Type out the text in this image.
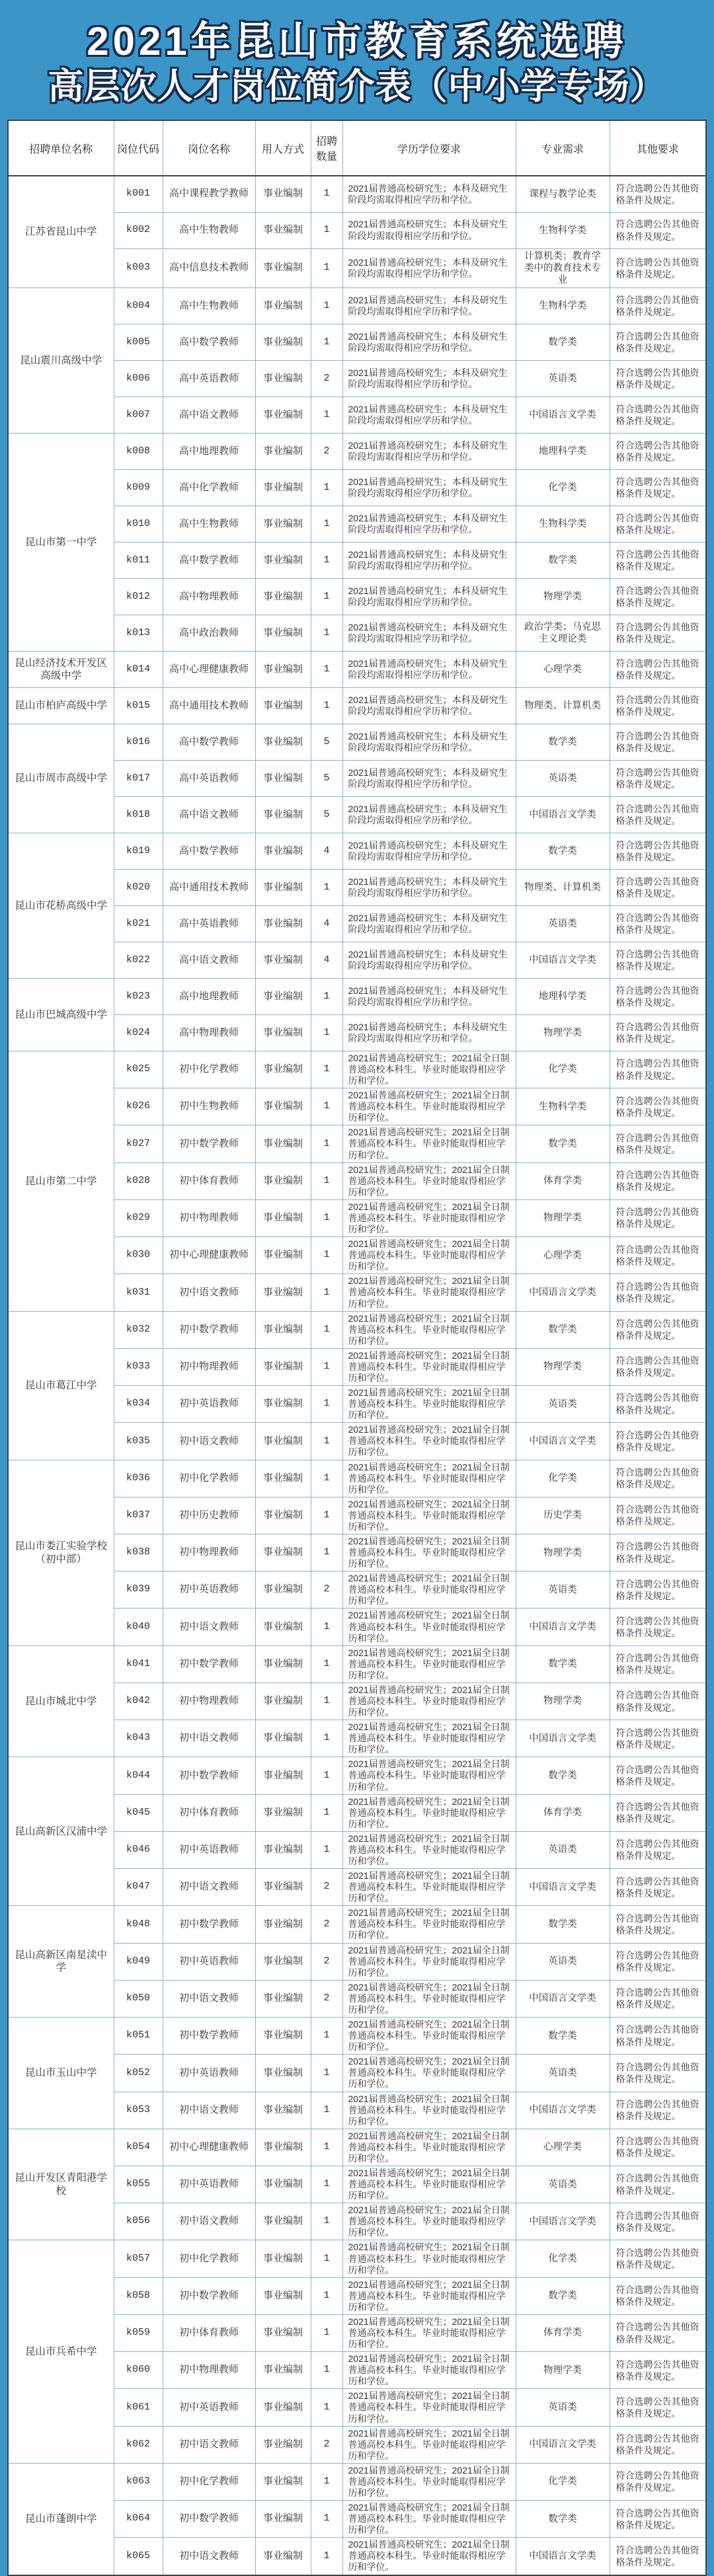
2021年昆山市教育系统选聘
高层次人才岗位简介表（中小学专场）
招聘单位名称	岗位代码	岗位名称	用人方式	招聘数量	学历学位要求	专业需求	其他要求
江苏省昆山中学	k001	高中课程教学教师	事业编制	1	2021届普通高校研究生；本科及研究生阶段均需取得相应学历和学位。	课程与教学论类	符合选聘公告其他资格条件及规定。
	k002	高中生物教师	事业编制	1	2021届普通高校研究生；本科及研究生阶段均需取得相应学历和学位。	生物科学类	符合选聘公告其他资格条件及规定。
	k003	高中信息技术教师	事业编制	1	2021届普通高校研究生；本科及研究生阶段均需取得相应学历和学位。	计算机类；教育学类中的教育技术专业	符合选聘公告其他资格条件及规定。
昆山震川高级中学	k004	高中生物教师	事业编制	1	2021届普通高校研究生；本科及研究生阶段均需取得相应学历和学位。	生物科学类	符合选聘公告其他资格条件及规定。
	k005	高中数学教师	事业编制	1	2021届普通高校研究生；本科及研究生阶段均需取得相应学历和学位。	数学类	符合选聘公告其他资格条件及规定。
	k006	高中英语教师	事业编制	2	2021届普通高校研究生；本科及研究生阶段均需取得相应学历和学位。	英语类	符合选聘公告其他资格条件及规定。
	k007	高中语文教师	事业编制	1	2021届普通高校研究生；本科及研究生阶段均需取得相应学历和学位。	中国语言文学类	符合选聘公告其他资格条件及规定。
昆山市第一中学	k008	高中地理教师	事业编制	2	2021届普通高校研究生；本科及研究生阶段均需取得相应学历和学位。	地理科学类	符合选聘公告其他资格条件及规定。
	k009	高中化学教师	事业编制	1	2021届普通高校研究生；本科及研究生阶段均需取得相应学历和学位。	化学类	符合选聘公告其他资格条件及规定。
	k010	高中生物教师	事业编制	1	2021届普通高校研究生；本科及研究生阶段均需取得相应学历和学位。	生物科学类	符合选聘公告其他资格条件及规定。
	k011	高中数学教师	事业编制	1	2021届普通高校研究生；本科及研究生阶段均需取得相应学历和学位。	数学类	符合选聘公告其他资格条件及规定。
	k012	高中物理教师	事业编制	1	2021届普通高校研究生；本科及研究生阶段均需取得相应学历和学位。	物理学类	符合选聘公告其他资格条件及规定。
	k013	高中政治教师	事业编制	1	2021届普通高校研究生；本科及研究生阶段均需取得相应学历和学位。	政治学类；马克思主义理论类	符合选聘公告其他资格条件及规定。
昆山经济技术开发区高级中学	k014	高中心理健康教师	事业编制	1	2021届普通高校研究生；本科及研究生阶段均需取得相应学历和学位。	心理学类	符合选聘公告其他资格条件及规定。
昆山市柏庐高级中学	k015	高中通用技术教师	事业编制	1	2021届普通高校研究生；本科及研究生阶段均需取得相应学历和学位。	物理类、计算机类	符合选聘公告其他资格条件及规定。
昆山市周市高级中学	k016	高中数学教师	事业编制	5	2021届普通高校研究生；本科及研究生阶段均需取得相应学历和学位。	数学类	符合选聘公告其他资格条件及规定。
	k017	高中英语教师	事业编制	5	2021届普通高校研究生；本科及研究生阶段均需取得相应学历和学位。	英语类	符合选聘公告其他资格条件及规定。
	k018	高中语文教师	事业编制	5	2021届普通高校研究生；本科及研究生阶段均需取得相应学历和学位。	中国语言文学类	符合选聘公告其他资格条件及规定。
昆山市花桥高级中学	k019	高中数学教师	事业编制	4	2021届普通高校研究生；本科及研究生阶段均需取得相应学历和学位。	数学类	符合选聘公告其他资格条件及规定。
	k020	高中通用技术教师	事业编制	1	2021届普通高校研究生；本科及研究生阶段均需取得相应学历和学位。	物理类、计算机类	符合选聘公告其他资格条件及规定。
	k021	高中英语教师	事业编制	4	2021届普通高校研究生；本科及研究生阶段均需取得相应学历和学位。	英语类	符合选聘公告其他资格条件及规定。
	k022	高中语文教师	事业编制	4	2021届普通高校研究生；本科及研究生阶段均需取得相应学历和学位。	中国语言文学类	符合选聘公告其他资格条件及规定。
昆山市巴城高级中学	k023	高中地理教师	事业编制	1	2021届普通高校研究生；本科及研究生阶段均需取得相应学历和学位。	地理科学类	符合选聘公告其他资格条件及规定。
	k024	高中物理教师	事业编制	1	2021届普通高校研究生；本科及研究生阶段均需取得相应学历和学位。	物理学类	符合选聘公告其他资格条件及规定。
昆山市第二中学	k025	初中化学教师	事业编制	1	2021届普通高校研究生；2021届全日制普通高校本科生。毕业时能取得相应学历和学位。	化学类	符合选聘公告其他资格条件及规定。
	k026	初中生物教师	事业编制	1	2021届普通高校研究生；2021届全日制普通高校本科生。毕业时能取得相应学历和学位。	生物科学类	符合选聘公告其他资格条件及规定。
	k027	初中数学教师	事业编制	1	2021届普通高校研究生；2021届全日制普通高校本科生。毕业时能取得相应学历和学位。	数学类	符合选聘公告其他资格条件及规定。
	k028	初中体育教师	事业编制	1	2021届普通高校研究生；2021届全日制普通高校本科生。毕业时能取得相应学历和学位。	体育学类	符合选聘公告其他资格条件及规定。
	k029	初中物理教师	事业编制	1	2021届普通高校研究生；2021届全日制普通高校本科生。毕业时能取得相应学历和学位。	物理学类	符合选聘公告其他资格条件及规定。
	k030	初中心理健康教师	事业编制	1	2021届普通高校研究生；2021届全日制普通高校本科生。毕业时能取得相应学历和学位。	心理学类	符合选聘公告其他资格条件及规定。
	k031	初中语文教师	事业编制	1	2021届普通高校研究生；2021届全日制普通高校本科生。毕业时能取得相应学历和学位。	中国语言文学类	符合选聘公告其他资格条件及规定。
昆山市葛江中学	k032	初中数学教师	事业编制	1	2021届普通高校研究生；2021届全日制普通高校本科生。毕业时能取得相应学历和学位。	数学类	符合选聘公告其他资格条件及规定。
	k033	初中物理教师	事业编制	1	2021届普通高校研究生；2021届全日制普通高校本科生。毕业时能取得相应学历和学位。	物理学类	符合选聘公告其他资格条件及规定。
	k034	初中英语教师	事业编制	1	2021届普通高校研究生；2021届全日制普通高校本科生。毕业时能取得相应学历和学位。	英语类	符合选聘公告其他资格条件及规定。
	k035	初中语文教师	事业编制	1	2021届普通高校研究生；2021届全日制普通高校本科生。毕业时能取得相应学历和学位。	中国语言文学类	符合选聘公告其他资格条件及规定。
昆山市娄江实验学校（初中部）	k036	初中化学教师	事业编制	1	2021届普通高校研究生；2021届全日制普通高校本科生。毕业时能取得相应学历和学位。	化学类	符合选聘公告其他资格条件及规定。
	k037	初中历史教师	事业编制	1	2021届普通高校研究生；2021届全日制普通高校本科生。毕业时能取得相应学历和学位。	历史学类	符合选聘公告其他资格条件及规定。
	k038	初中物理教师	事业编制	1	2021届普通高校研究生；2021届全日制普通高校本科生。毕业时能取得相应学历和学位。	物理学类	符合选聘公告其他资格条件及规定。
	k039	初中英语教师	事业编制	2	2021届普通高校研究生；2021届全日制普通高校本科生。毕业时能取得相应学历和学位。	英语类	符合选聘公告其他资格条件及规定。
	k040	初中语文教师	事业编制	1	2021届普通高校研究生；2021届全日制普通高校本科生。毕业时能取得相应学历和学位。	中国语言文学类	符合选聘公告其他资格条件及规定。
昆山市城北中学	k041	初中数学教师	事业编制	1	2021届普通高校研究生；2021届全日制普通高校本科生。毕业时能取得相应学历和学位。	数学类	符合选聘公告其他资格条件及规定。
	k042	初中物理教师	事业编制	1	2021届普通高校研究生；2021届全日制普通高校本科生。毕业时能取得相应学历和学位。	物理学类	符合选聘公告其他资格条件及规定。
	k043	初中语文教师	事业编制	1	2021届普通高校研究生；2021届全日制普通高校本科生。毕业时能取得相应学历和学位。	中国语言文学类	符合选聘公告其他资格条件及规定。
昆山高新区汉浦中学	k044	初中数学教师	事业编制	1	2021届普通高校研究生；2021届全日制普通高校本科生。毕业时能取得相应学历和学位。	数学类	符合选聘公告其他资格条件及规定。
	k045	初中体育教师	事业编制	1	2021届普通高校研究生；2021届全日制普通高校本科生。毕业时能取得相应学历和学位。	体育学类	符合选聘公告其他资格条件及规定。
	k046	初中英语教师	事业编制	1	2021届普通高校研究生；2021届全日制普通高校本科生。毕业时能取得相应学历和学位。	英语类	符合选聘公告其他资格条件及规定。
	k047	初中语文教师	事业编制	2	2021届普通高校研究生；2021届全日制普通高校本科生。毕业时能取得相应学历和学位。	中国语言文学类	符合选聘公告其他资格条件及规定。
昆山高新区南星渎中学	k048	初中数学教师	事业编制	2	2021届普通高校研究生；2021届全日制普通高校本科生。毕业时能取得相应学历和学位。	数学类	符合选聘公告其他资格条件及规定。
	k049	初中英语教师	事业编制	2	2021届普通高校研究生；2021届全日制普通高校本科生。毕业时能取得相应学历和学位。	英语类	符合选聘公告其他资格条件及规定。
	k050	初中语文教师	事业编制	2	2021届普通高校研究生；2021届全日制普通高校本科生。毕业时能取得相应学历和学位。	中国语言文学类	符合选聘公告其他资格条件及规定。
昆山市玉山中学	k051	初中数学教师	事业编制	1	2021届普通高校研究生；2021届全日制普通高校本科生。毕业时能取得相应学历和学位。	数学类	符合选聘公告其他资格条件及规定。
	k052	初中英语教师	事业编制	1	2021届普通高校研究生；2021届全日制普通高校本科生。毕业时能取得相应学历和学位。	英语类	符合选聘公告其他资格条件及规定。
	k053	初中语文教师	事业编制	1	2021届普通高校研究生；2021届全日制普通高校本科生。毕业时能取得相应学历和学位。	中国语言文学类	符合选聘公告其他资格条件及规定。
昆山开发区青阳港学校	k054	初中心理健康教师	事业编制	1	2021届普通高校研究生；2021届全日制普通高校本科生。毕业时能取得相应学历和学位。	心理学类	符合选聘公告其他资格条件及规定。
	k055	初中英语教师	事业编制	1	2021届普通高校研究生；2021届全日制普通高校本科生。毕业时能取得相应学历和学位。	英语类	符合选聘公告其他资格条件及规定。
	k056	初中语文教师	事业编制	1	2021届普通高校研究生；2021届全日制普通高校本科生。毕业时能取得相应学历和学位。	中国语言文学类	符合选聘公告其他资格条件及规定。
昆山市兵希中学	k057	初中化学教师	事业编制	1	2021届普通高校研究生；2021届全日制普通高校本科生。毕业时能取得相应学历和学位。	化学类	符合选聘公告其他资格条件及规定。
	k058	初中数学教师	事业编制	1	2021届普通高校研究生；2021届全日制普通高校本科生。毕业时能取得相应学历和学位。	数学类	符合选聘公告其他资格条件及规定。
	k059	初中体育教师	事业编制	1	2021届普通高校研究生；2021届全日制普通高校本科生。毕业时能取得相应学历和学位。	体育学类	符合选聘公告其他资格条件及规定。
	k060	初中物理教师	事业编制	1	2021届普通高校研究生；2021届全日制普通高校本科生。毕业时能取得相应学历和学位。	物理学类	符合选聘公告其他资格条件及规定。
	k061	初中英语教师	事业编制	1	2021届普通高校研究生；2021届全日制普通高校本科生。毕业时能取得相应学历和学位。	英语类	符合选聘公告其他资格条件及规定。
	k062	初中语文教师	事业编制	2	2021届普通高校研究生；2021届全日制普通高校本科生。毕业时能取得相应学历和学位。	中国语言文学类	符合选聘公告其他资格条件及规定。
昆山市蓬朗中学	k063	初中化学教师	事业编制	1	2021届普通高校研究生；2021届全日制普通高校本科生。毕业时能取得相应学历和学位。	化学类	符合选聘公告其他资格条件及规定。
	k064	初中数学教师	事业编制	1	2021届普通高校研究生；2021届全日制普通高校本科生。毕业时能取得相应学历和学位。	数学类	符合选聘公告其他资格条件及规定。
	k065	初中语文教师	事业编制	1	2021届普通高校研究生；2021届全日制普通高校本科生。毕业时能取得相应学历和学位。	中国语言文学类	符合选聘公告其他资格条件及规定。
